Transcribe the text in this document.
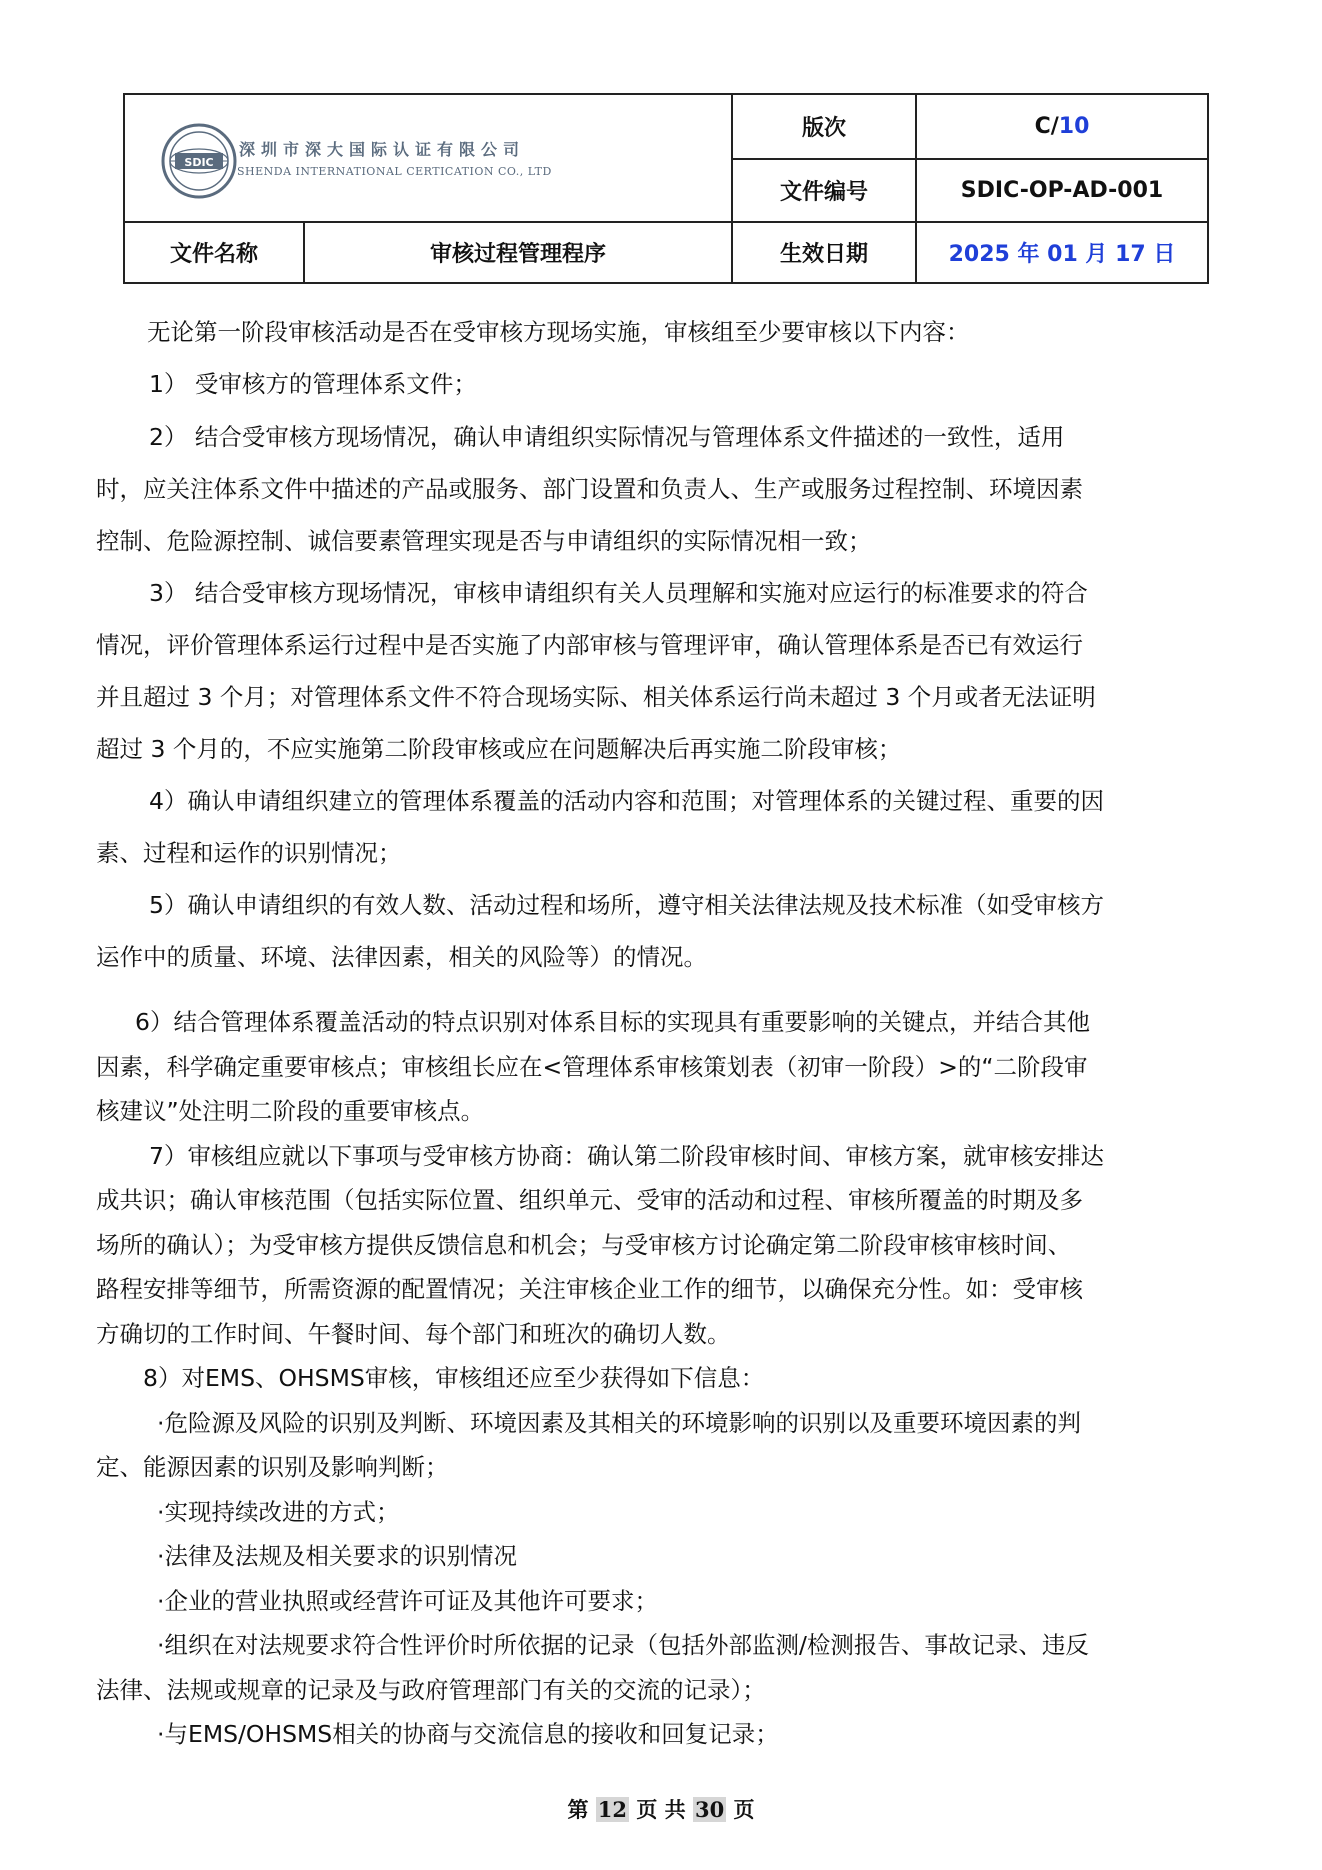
SDIC
深圳市深大国际认证有限公司
SHENDA INTERNATIONAL CERTICATION CO., LTD
版次	C/ 10
文件编号	SDIC-OP-AD-001
文件名称	审核过程管理程序	生效日期	2025 年 01 月 17 日
无论第一阶段审核活动是否在受审核方现场实施，审核组至少要审核以下内容：
1） 受审核方的管理体系文件；
2） 结合受审核方现场情况，确认申请组织实际情况与管理体系文件描述的一致性，适用
时，应关注体系文件中描述的产品或服务、部门设置和负责人、生产或服务过程控制、环境因素
控制、危险源控制、诚信要素管理实现是否与申请组织的实际情况相一致；
3） 结合受审核方现场情况，审核申请组织有关人员理解和实施对应运行的标准要求的符合
情况，评价管理体系运行过程中是否实施了内部审核与管理评审，确认管理体系是否已有效运行
并且超过 3 个月；对管理体系文件不符合现场实际、相关体系运行尚未超过 3 个月或者无法证明
超过 3 个月的，不应实施第二阶段审核或应在问题解决后再实施二阶段审核；
4）确认申请组织建立的管理体系覆盖的活动内容和范围；对管理体系的关键过程、重要的因
素、过程和运作的识别情况；
5）确认申请组织的有效人数、活动过程和场所，遵守相关法律法规及技术标准（如受审核方
运作中的质量、环境、法律因素，相关的风险等）的情况。
6）结合管理体系覆盖活动的特点识别对体系目标的实现具有重要影响的关键点，并结合其他
因素，科学确定重要审核点；审核组长应在<管理体系审核策划表（初审一阶段）>的“二阶段审
核建议”处注明二阶段的重要审核点。
7）审核组应就以下事项与受审核方协商：确认第二阶段审核时间、审核方案，就审核安排达
成共识；确认审核范围（包括实际位置、组织单元、受审的活动和过程、审核所覆盖的时期及多
场所的确认）；为受审核方提供反馈信息和机会；与受审核方讨论确定第二阶段审核审核时间、
路程安排等细节，所需资源的配置情况；关注审核企业工作的细节，以确保充分性。如：受审核
方确切的工作时间、午餐时间、每个部门和班次的确切人数。
8）对EMS、OHSMS审核，审核组还应至少获得如下信息：
·危险源及风险的识别及判断、环境因素及其相关的环境影响的识别以及重要环境因素的判
定、能源因素的识别及影响判断；
·实现持续改进的方式；
·法律及法规及相关要求的识别情况
·企业的营业执照或经营许可证及其他许可要求；
·组织在对法规要求符合性评价时所依据的记录（包括外部监测/检测报告、事故记录、违反
法律、法规或规章的记录及与政府管理部门有关的交流的记录）；
·与EMS/OHSMS相关的协商与交流信息的接收和回复记录；
第 12 页 共 30 页
